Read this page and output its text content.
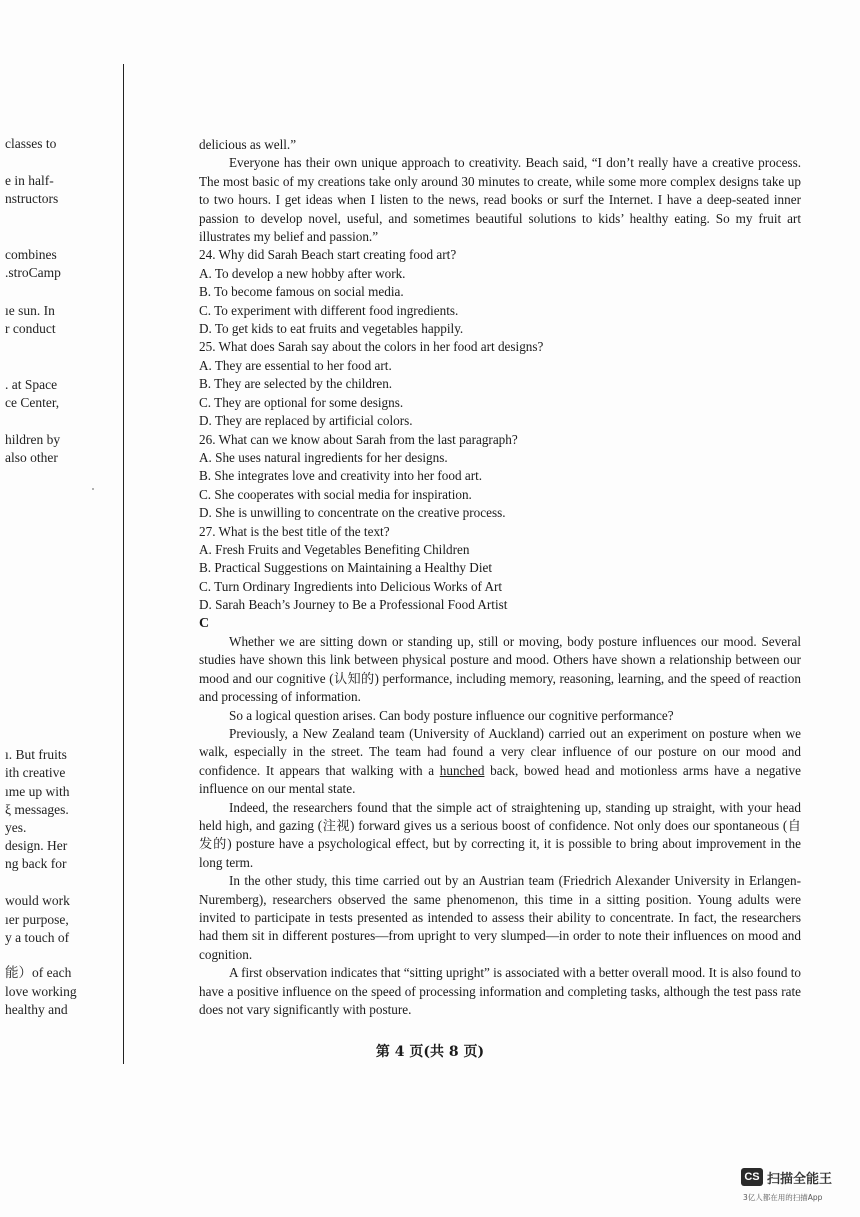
classes to
e in half-
nstructors
combines
.stroCamp
ıe sun. In
r conduct
. at Space
ce Center,
hildren by
also other
ı. But fruits
ith creative
ıme up with
ξ messages.
yes.
design. Her
ng back for
would work
ıer purpose,
y a touch of
能）of each
love working
healthy and

delicious as well.”

Everyone has their own unique approach to creativity. Beach said, “I don’t really have a creative process. The most basic of my creations take only around 30 minutes to create, while some more complex designs take up to two hours. I get ideas when I listen to the news, read books or surf the Internet. I have a deep-seated inner passion to develop novel, useful, and sometimes beautiful solutions to kids’ healthy eating. So my fruit art illustrates my belief and passion.”

24. Why did Sarah Beach start creating food art?

A. To develop a new hobby after work.

B. To become famous on social media.

C. To experiment with different food ingredients.

D. To get kids to eat fruits and vegetables happily.

25. What does Sarah say about the colors in her food art designs?

A. They are essential to her food art.

B. They are selected by the children.

C. They are optional for some designs.

D. They are replaced by artificial colors.

26. What can we know about Sarah from the last paragraph?

A. She uses natural ingredients for her designs.

B. She integrates love and creativity into her food art.

C. She cooperates with social media for inspiration.

D. She is unwilling to concentrate on the creative process.

27. What is the best title of the text?

A. Fresh Fruits and Vegetables Benefiting Children

B. Practical Suggestions on Maintaining a Healthy Diet

C. Turn Ordinary Ingredients into Delicious Works of Art

D. Sarah Beach’s Journey to Be a Professional Food Artist

C

Whether we are sitting down or standing up, still or moving, body posture influences our mood. Several studies have shown this link between physical posture and mood. Others have shown a relationship between our mood and our cognitive (认知的) performance, including memory, reasoning, learning, and the speed of reaction and processing of information.

So a logical question arises. Can body posture influence our cognitive performance?

Previously, a New Zealand team (University of Auckland) carried out an experiment on posture when we walk, especially in the street. The team had found a very clear influence of our posture on our mood and confidence. It appears that walking with a hunched back, bowed head and motionless arms have a negative influence on our mental state.

Indeed, the researchers found that the simple act of straightening up, standing up straight, with your head held high, and gazing (注视) forward gives us a serious boost of confidence. Not only does our spontaneous (自发的) posture have a psychological effect, but by correcting it, it is possible to bring about improvement in the long term.

In the other study, this time carried out by an Austrian team (Friedrich Alexander University in Erlangen-Nuremberg), researchers observed the same phenomenon, this time in a sitting position. Young adults were invited to participate in tests presented as intended to assess their ability to concentrate. In fact, the researchers had them sit in different postures—from upright to very slumped—in order to note their influences on mood and cognition.

A first observation indicates that “sitting upright” is associated with a better overall mood. It is also found to have a positive influence on the speed of processing information and completing tasks, although the test pass rate does not vary significantly with posture.

第 4 页(共 8 页)
CS 扫描全能王
3亿人都在用的扫描App
